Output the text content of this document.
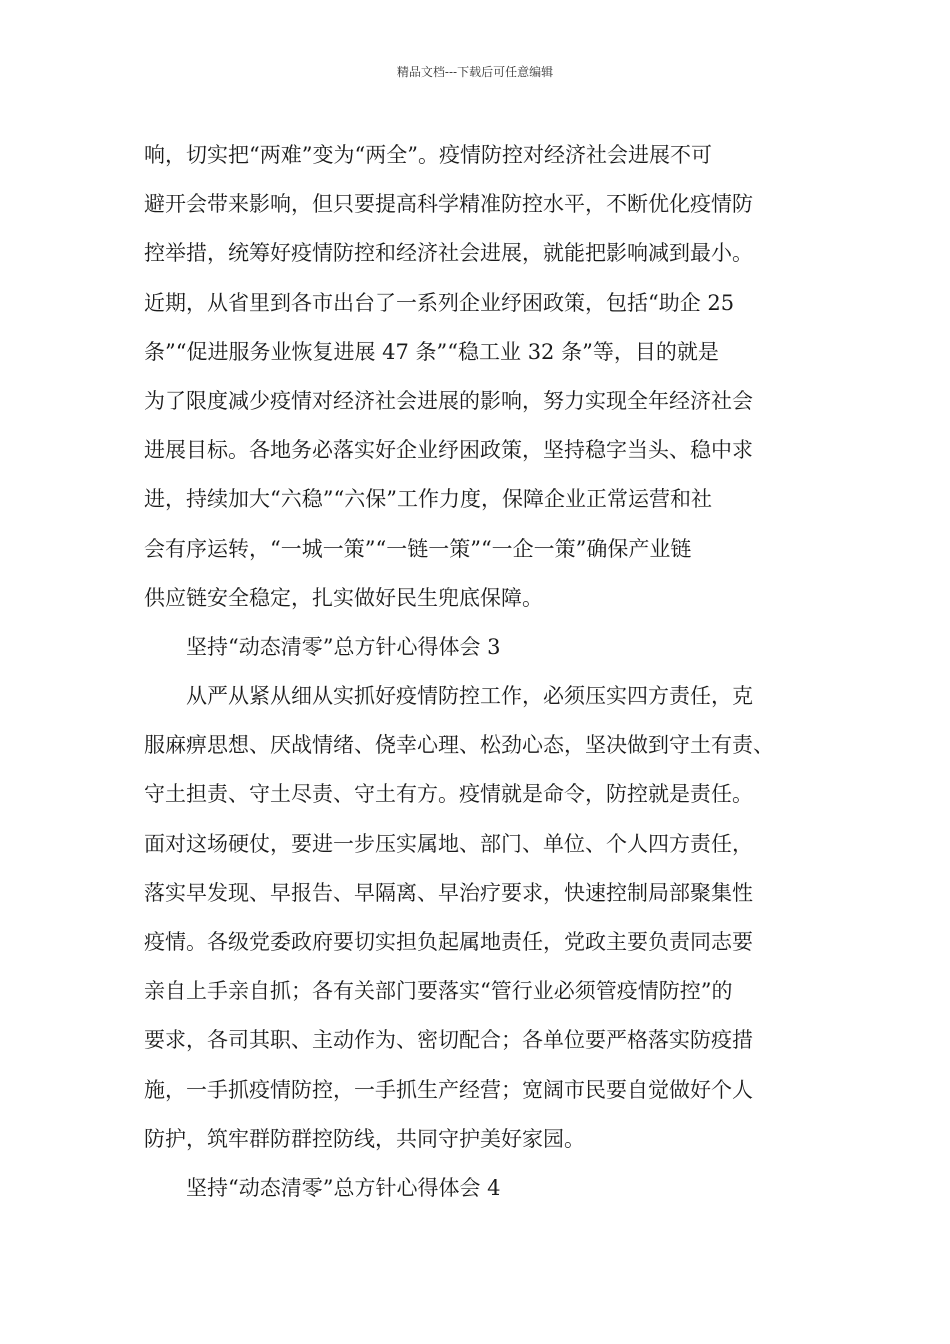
精品文档---下载后可任意编辑
响，切实把“两难”变为“两全”。疫情防控对经济社会进展不可
避开会带来影响，但只要提高科学精准防控水平，不断优化疫情防
控举措，统筹好疫情防控和经济社会进展，就能把影响减到最小。
近期，从省里到各市出台了一系列企业纾困政策，包括“助企 25
条”“促进服务业恢复进展 47 条”“稳工业 32 条”等，目的就是
为了限度减少疫情对经济社会进展的影响，努力实现全年经济社会
进展目标。各地务必落实好企业纾困政策，坚持稳字当头、稳中求
进，持续加大“六稳”“六保”工作力度，保障企业正常运营和社
会有序运转，“一城一策”“一链一策”“一企一策”确保产业链
供应链安全稳定，扎实做好民生兜底保障。
坚持“动态清零”总方针心得体会 3
从严从紧从细从实抓好疫情防控工作，必须压实四方责任，克
服麻痹思想、厌战情绪、侥幸心理、松劲心态，坚决做到守土有责、
守土担责、守土尽责、守土有方。疫情就是命令，防控就是责任。
面对这场硬仗，要进一步压实属地、部门、单位、个人四方责任，
落实早发现、早报告、早隔离、早治疗要求，快速控制局部聚集性
疫情。各级党委政府要切实担负起属地责任，党政主要负责同志要
亲自上手亲自抓；各有关部门要落实“管行业必须管疫情防控”的
要求，各司其职、主动作为、密切配合；各单位要严格落实防疫措
施，一手抓疫情防控，一手抓生产经营；宽阔市民要自觉做好个人
防护，筑牢群防群控防线，共同守护美好家园。
坚持“动态清零”总方针心得体会 4
